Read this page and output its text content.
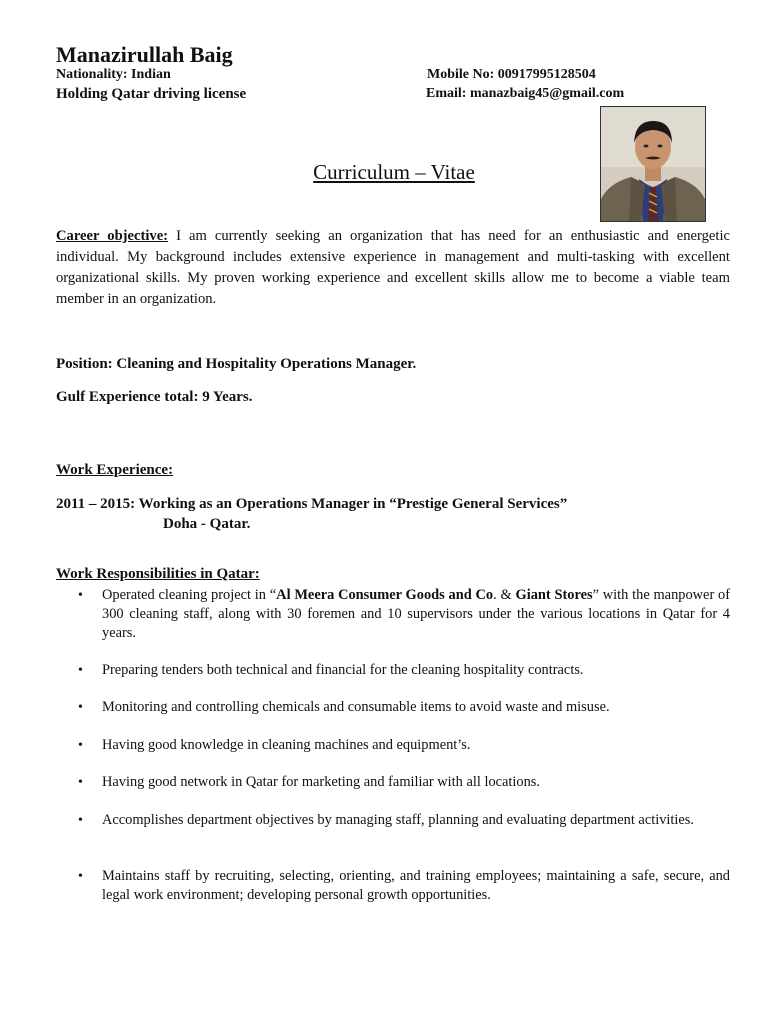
Manazirullah Baig
Nationality: Indian
Holding Qatar driving license
Mobile No: 00917995128504
Email: manazbaig45@gmail.com
Curriculum – Vitae
Career objective: I am currently seeking an organization that has need for an enthusiastic and energetic individual. My background includes extensive experience in management and multi-tasking with excellent organizational skills. My proven working experience and excellent skills allow me to become a viable team member in an organization.
Position: Cleaning and Hospitality Operations Manager.
Gulf Experience total: 9 Years.
Work Experience:
2011 – 2015: Working as an Operations Manager in “Prestige General Services”
Doha - Qatar.
Work Responsibilities in Qatar:
•	Operated cleaning project in “Al Meera Consumer Goods and Co. & Giant Stores” with the manpower of 300 cleaning staff, along with 30 foremen and 10 supervisors under the various locations in Qatar for 4 years.
•	Preparing tenders both technical and financial for the cleaning hospitality contracts.
•	Monitoring and controlling chemicals and consumable items to avoid waste and misuse.
•	Having good knowledge in cleaning machines and equipment’s.
•	Having good network in Qatar for marketing and familiar with all locations.
•	Accomplishes department objectives by managing staff, planning and evaluating department activities.
•	Maintains staff by recruiting, selecting, orienting, and training employees; maintaining a safe, secure, and legal work environment; developing personal growth opportunities.
